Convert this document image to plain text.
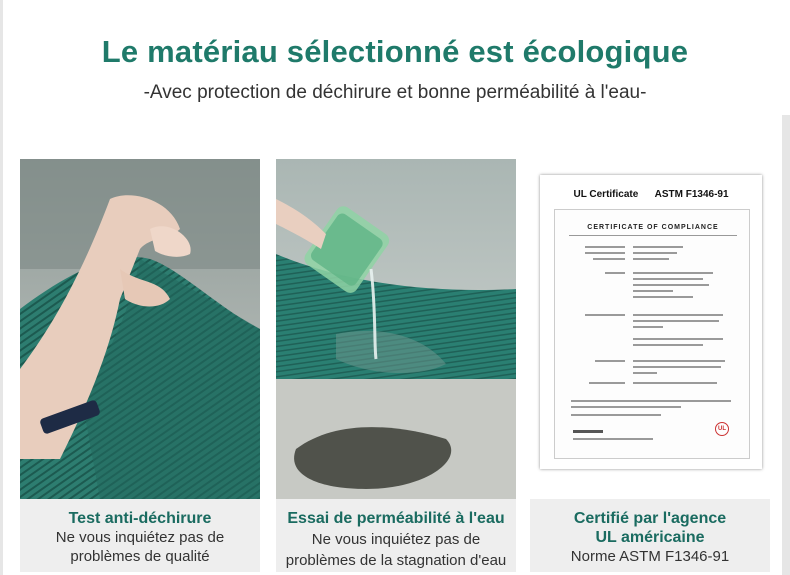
Le matériau sélectionné est écologique
-Avec protection de déchirure et bonne perméabilité à l'eau-
UL Certificate      ASTM F1346-91
CERTIFICATE OF COMPLIANCE
UL
Test anti-déchirure
Ne vous inquiétez pas de
problèmes de qualité
Essai de perméabilité à l'eau
Ne vous inquiétez pas de
problèmes de la stagnation d'eau
Certifié par l'agence
UL américaine
Norme ASTM F1346-91
